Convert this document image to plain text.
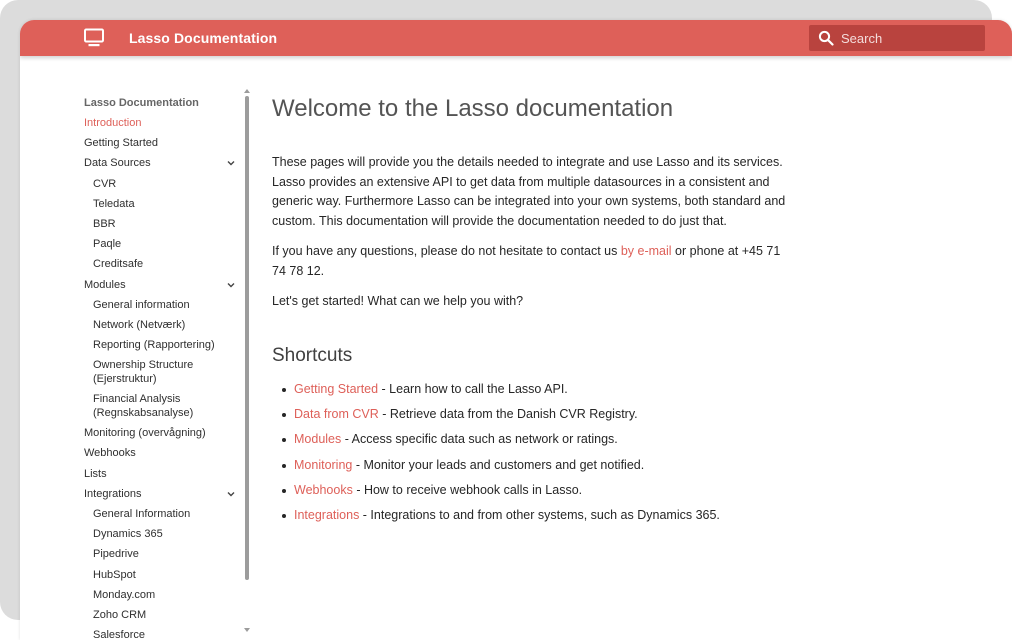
Lasso Documentation
Search
Lasso Documentation
Introduction
Getting Started
Data Sources
CVR
Teledata
BBR
Paqle
Creditsafe
Modules
General information
Network (Netværk)
Reporting (Rapportering)
Ownership Structure
(Ejerstruktur)
Financial Analysis
(Regnskabsanalyse)
Monitoring (overvågning)
Webhooks
Lists
Integrations
General Information
Dynamics 365
Pipedrive
HubSpot
Monday.com
Zoho CRM
Salesforce
Welcome to the Lasso documentation

These pages will provide you the details needed to integrate and use Lasso and its services. Lasso provides an extensive API to get data from multiple datasources in a consistent and generic way. Furthermore Lasso can be integrated into your own systems, both standard and custom. This documentation will provide the documentation needed to do just that.

If you have any questions, please do not hesitate to contact us by e-mail or phone at +45 71 74 78 12.

Let's get started! What can we help you with?

Shortcuts
Getting Started - Learn how to call the Lasso API.
Data from CVR - Retrieve data from the Danish CVR Registry.
Modules - Access specific data such as network or ratings.
Monitoring - Monitor your leads and customers and get notified.
Webhooks - How to receive webhook calls in Lasso.
Integrations - Integrations to and from other systems, such as Dynamics 365.
